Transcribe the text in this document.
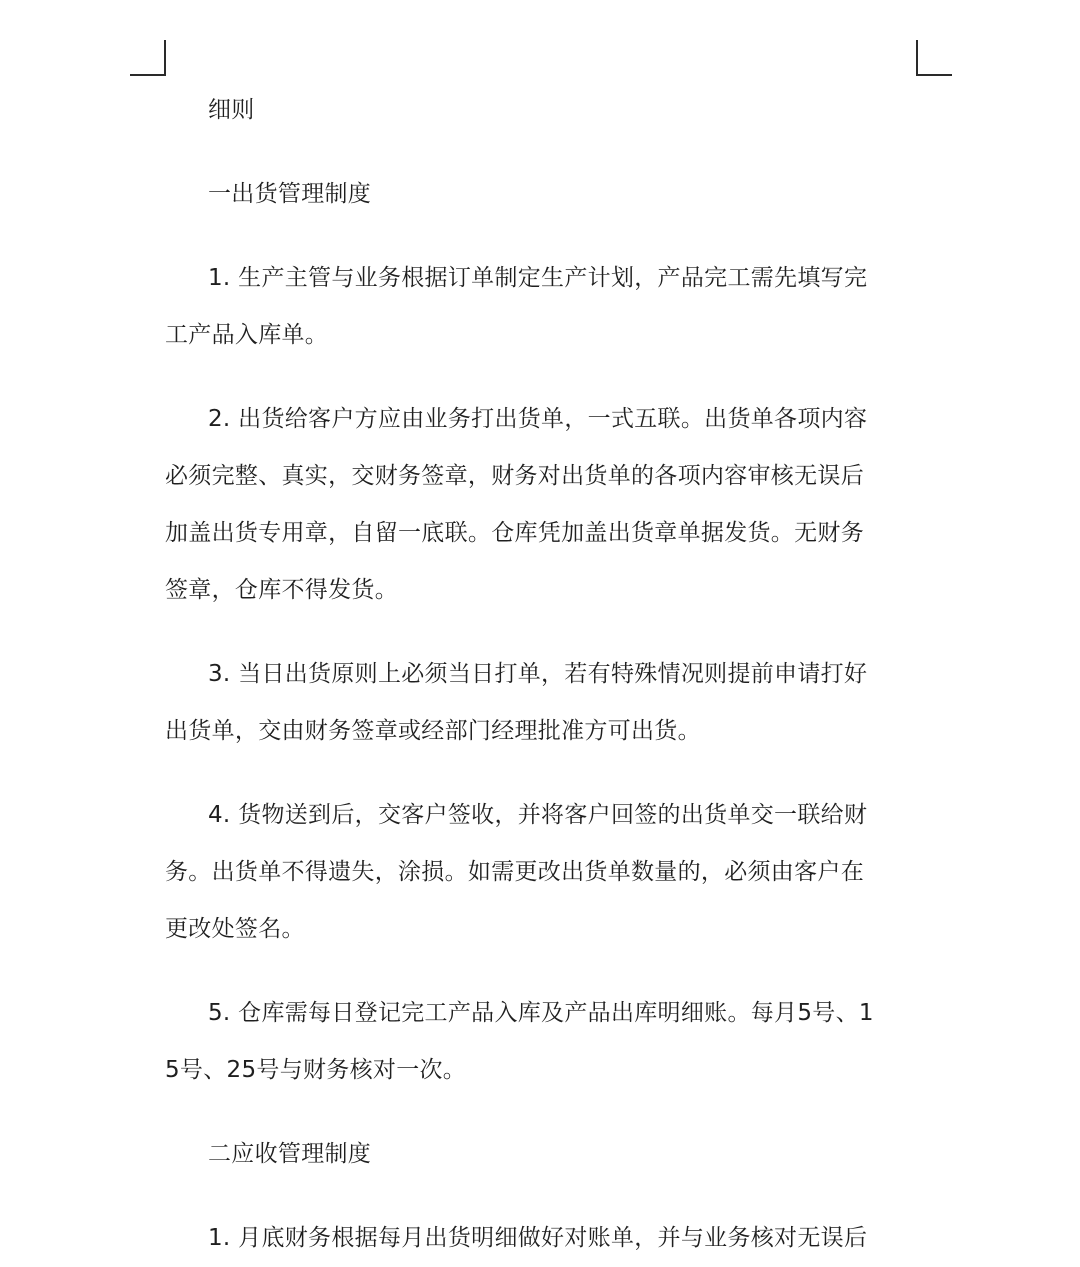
细则
一出货管理制度
1. 生产主管与业务根据订单制定生产计划，产品完工需先填写完
工产品入库单。
2. 出货给客户方应由业务打出货单，一式五联。出货单各项内容
必须完整、真实，交财务签章，财务对出货单的各项内容审核无误后
加盖出货专用章，自留一底联。仓库凭加盖出货章单据发货。无财务
签章，仓库不得发货。
3. 当日出货原则上必须当日打单，若有特殊情况则提前申请打好
出货单，交由财务签章或经部门经理批准方可出货。
4. 货物送到后，交客户签收，并将客户回签的出货单交一联给财
务。出货单不得遗失，涂损。如需更改出货单数量的，必须由客户在
更改处签名。
5. 仓库需每日登记完工产品入库及产品出库明细账。每月5号、1
5号、25号与财务核对一次。
二应收管理制度
1. 月底财务根据每月出货明细做好对账单，并与业务核对无误后
